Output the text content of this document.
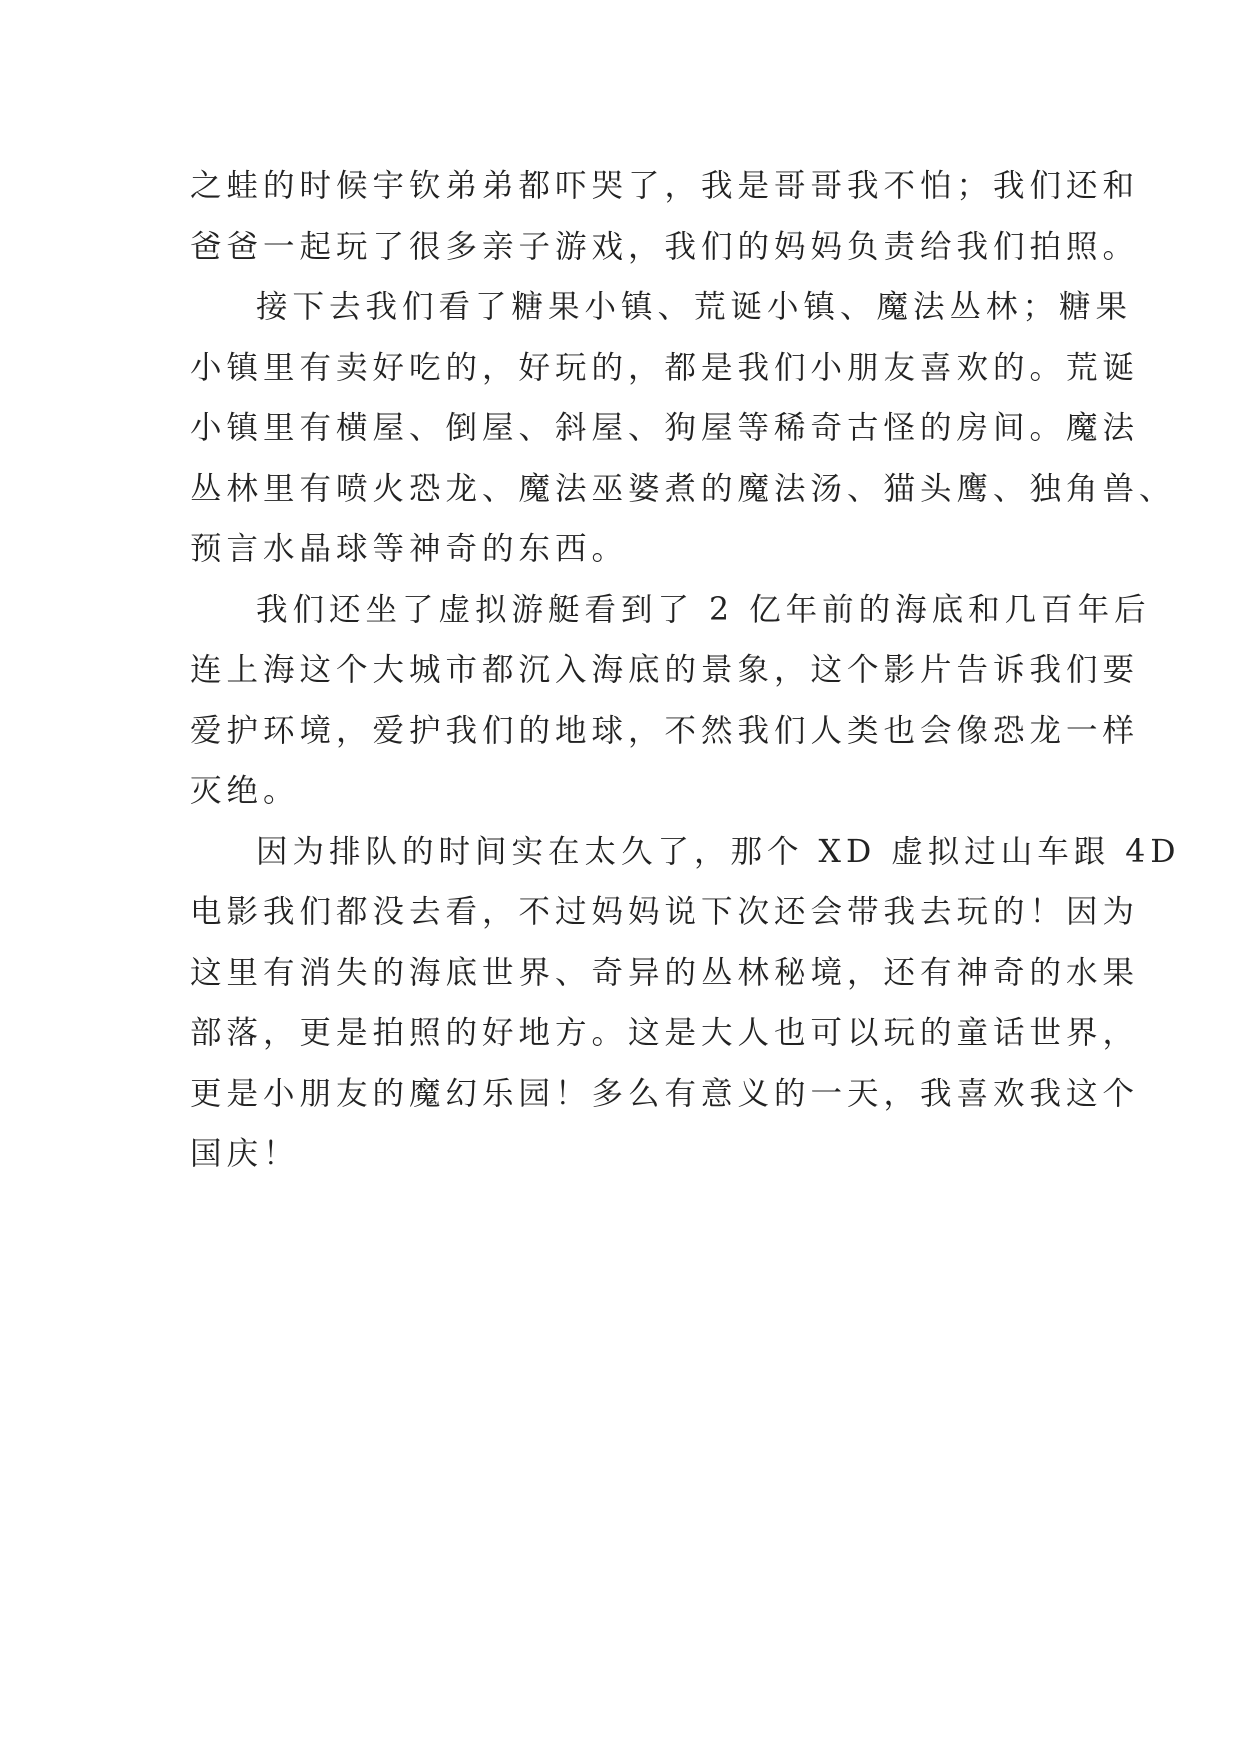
之蛙的时候宇钦弟弟都吓哭了，我是哥哥我不怕；我们还和
爸爸一起玩了很多亲子游戏，我们的妈妈负责给我们拍照。
接下去我们看了糖果小镇、荒诞小镇、魔法丛林；糖果
小镇里有卖好吃的，好玩的，都是我们小朋友喜欢的。荒诞
小镇里有横屋、倒屋、斜屋、狗屋等稀奇古怪的房间。魔法
丛林里有喷火恐龙、魔法巫婆煮的魔法汤、猫头鹰、独角兽、
预言水晶球等神奇的东西。
我们还坐了虚拟游艇看到了 2 亿年前的海底和几百年后
连上海这个大城市都沉入海底的景象，这个影片告诉我们要
爱护环境，爱护我们的地球，不然我们人类也会像恐龙一样
灭绝。
因为排队的时间实在太久了，那个 XD 虚拟过山车跟 4D
电影我们都没去看，不过妈妈说下次还会带我去玩的！因为
这里有消失的海底世界、奇异的丛林秘境，还有神奇的水果
部落，更是拍照的好地方。这是大人也可以玩的童话世界，
更是小朋友的魔幻乐园！多么有意义的一天，我喜欢我这个
国庆！
